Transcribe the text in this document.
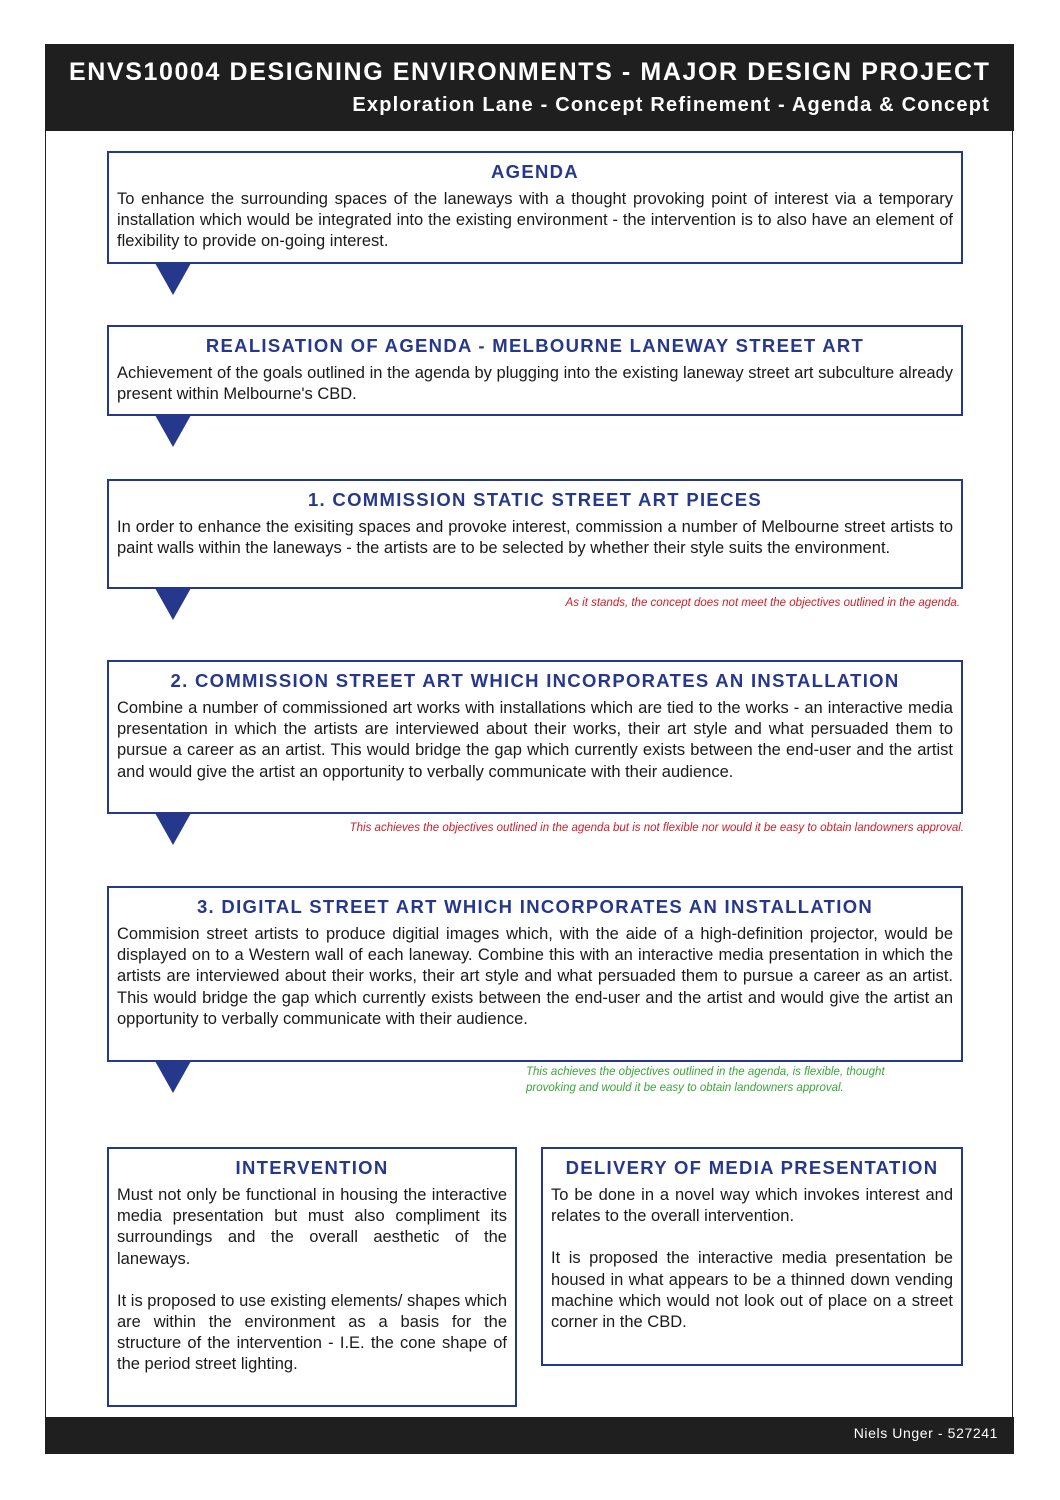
ENVS10004 DESIGNING ENVIRONMENTS - MAJOR DESIGN PROJECT
Exploration Lane - Concept Refinement - Agenda & Concept
AGENDA

To enhance the surrounding spaces of the laneways with a thought provoking point of interest via a temporary installation which would be integrated into the existing environment - the intervention is to also have an element of flexibility to provide on-going interest.

REALISATION OF AGENDA - MELBOURNE LANEWAY STREET ART

Achievement of the goals outlined in the agenda by plugging into the existing laneway street art subculture already present within Melbourne's CBD.

1. COMMISSION STATIC STREET ART PIECES

In order to enhance the exisiting spaces and provoke interest, commission a number of Melbourne street artists to paint walls within the laneways - the artists are to be selected by whether their style suits the environment.

As it stands, the concept does not meet the objectives outlined in the agenda.
2. COMMISSION STREET ART WHICH INCORPORATES AN INSTALLATION

Combine a number of commissioned art works with installations which are tied to the works - an interactive media presentation in which the artists are interviewed about their works, their art style and what persuaded them to pursue a career as an artist. This would bridge the gap which currently exists between the end-user and the artist and would give the artist an opportunity to verbally communicate with their audience.

This achieves the objectives outlined in the agenda but is not flexible nor would it be easy to obtain landowners approval.
3. DIGITAL STREET ART WHICH INCORPORATES AN INSTALLATION

Commision street artists to produce digitial images which, with the aide of a high-definition projector, would be displayed on to a Western wall of each laneway. Combine this with an interactive media presentation in which the artists are interviewed about their works, their art style and what persuaded them to pursue a career as an artist. This would bridge the gap which currently exists between the end-user and the artist and would give the artist an opportunity to verbally communicate with their audience.

This achieves the objectives outlined in the agenda, is flexible, thought
provoking and would it be easy to obtain landowners approval.
INTERVENTION

Must not only be functional in housing the interactive media presentation but must also compliment its surroundings and the overall aesthetic of the laneways.

It is proposed to use existing elements/ shapes which are within the environment as a basis for the structure of the intervention - I.E. the cone shape of the period street lighting.

DELIVERY OF MEDIA PRESENTATION

To be done in a novel way which invokes interest and relates to the overall intervention.

It is proposed the interactive media presentation be housed in what appears to be a thinned down vending machine which would not look out of place on a street corner in the CBD.

Niels Unger - 527241
